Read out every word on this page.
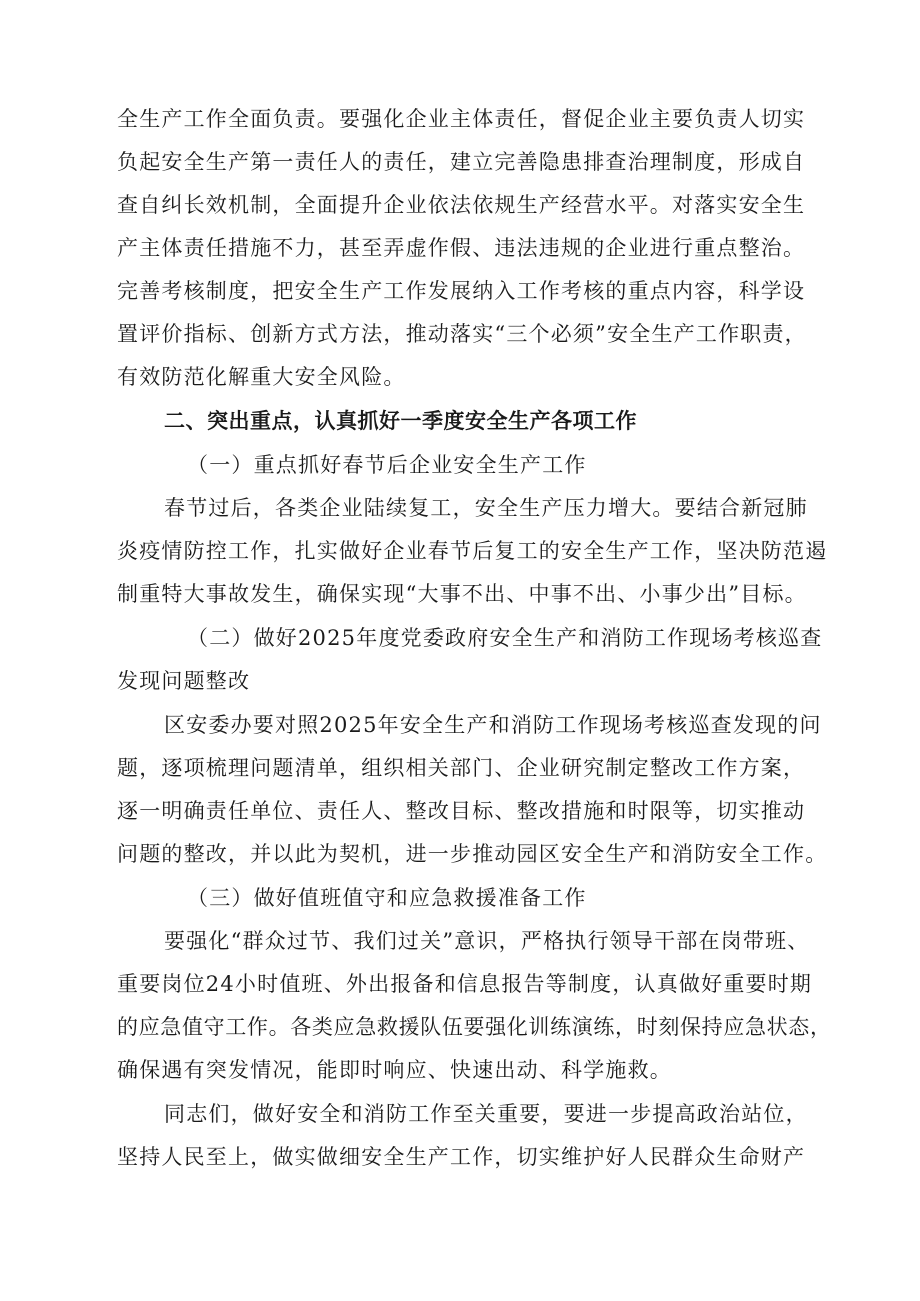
全生产工作全面负责。要强化企业主体责任，督促企业主要负责人切实
负起安全生产第一责任人的责任，建立完善隐患排查治理制度，形成自
查自纠长效机制，全面提升企业依法依规生产经营水平。对落实安全生
产主体责任措施不力，甚至弄虚作假、违法违规的企业进行重点整治。
完善考核制度，把安全生产工作发展纳入工作考核的重点内容，科学设
置评价指标、创新方式方法，推动落实“三个必须”安全生产工作职责，
有效防范化解重大安全风险。
二、突出重点，认真抓好一季度安全生产各项工作
（一）重点抓好春节后企业安全生产工作
春节过后，各类企业陆续复工，安全生产压力增大。要结合新冠肺
炎疫情防控工作，扎实做好企业春节后复工的安全生产工作，坚决防范遏
制重特大事故发生，确保实现“大事不出、中事不出、小事少出”目标。
（二）做好2025年度党委政府安全生产和消防工作现场考核巡查
发现问题整改
区安委办要对照2025年安全生产和消防工作现场考核巡查发现的问
题，逐项梳理问题清单，组织相关部门、企业研究制定整改工作方案，
逐一明确责任单位、责任人、整改目标、整改措施和时限等，切实推动
问题的整改，并以此为契机，进一步推动园区安全生产和消防安全工作。
（三）做好值班值守和应急救援准备工作
要强化“群众过节、我们过关”意识，严格执行领导干部在岗带班、
重要岗位24小时值班、外出报备和信息报告等制度，认真做好重要时期
的应急值守工作。各类应急救援队伍要强化训练演练，时刻保持应急状态，
确保遇有突发情况，能即时响应、快速出动、科学施救。
同志们，做好安全和消防工作至关重要，要进一步提高政治站位，
坚持人民至上，做实做细安全生产工作，切实维护好人民群众生命财产
